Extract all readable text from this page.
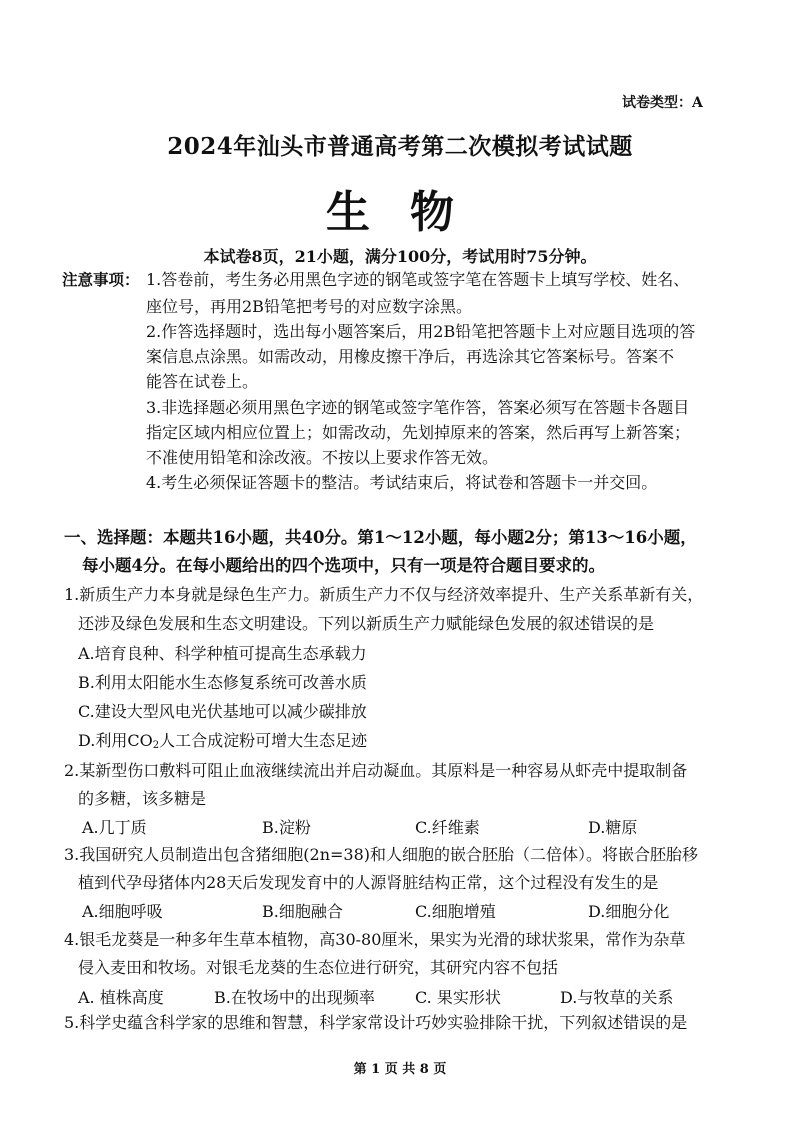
试卷类型：A
2024年汕头市普通高考第二次模拟考试试题
生物
本试卷8页，21小题，满分100分，考试用时75分钟。
注意事项： 1.答卷前，考生务必用黑色字迹的钢笔或签字笔在答题卡上填写学校、姓名、
座位号，再用2B铅笔把考号的对应数字涂黑。
2.作答选择题时，选出每小题答案后，用2B铅笔把答题卡上对应题目选项的答
案信息点涂黑。如需改动，用橡皮擦干净后，再选涂其它答案标号。答案不
能答在试卷上。
3.非选择题必须用黑色字迹的钢笔或签字笔作答，答案必须写在答题卡各题目
指定区域内相应位置上；如需改动，先划掉原来的答案，然后再写上新答案；
不准使用铅笔和涂改液。不按以上要求作答无效。
4.考生必须保证答题卡的整洁。考试结束后，将试卷和答题卡一并交回。
一、选择题：本题共16小题，共40分。第1～12小题，每小题2分；第13～16小题，
每小题4分。在每小题给出的四个选项中，只有一项是符合题目要求的。
1.新质生产力本身就是绿色生产力。新质生产力不仅与经济效率提升、生产关系革新有关，
还涉及绿色发展和生态文明建设。下列以新质生产力赋能绿色发展的叙述错误的是
A.培育良种、科学种植可提高生态承载力
B.利用太阳能水生态修复系统可改善水质
C.建设大型风电光伏基地可以减少碳排放
D.利用$CO_2$人工合成淀粉可增大生态足迹
2.某新型伤口敷料可阻止血液继续流出并启动凝血。其原料是一种容易从虾壳中提取制备
的多糖，该多糖是
A.几丁质	B.淀粉	C.纤维素	D.糖原
3.我国研究人员制造出包含猪细胞(2n=38)和人细胞的嵌合胚胎（二倍体）。将嵌合胚胎移
植到代孕母猪体内28天后发现发育中的人源肾脏结构正常，这个过程没有发生的是
A.细胞呼吸	B.细胞融合	C.细胞增殖	D.细胞分化
4.银毛龙葵是一种多年生草本植物，高30-80厘米，果实为光滑的球状浆果，常作为杂草
侵入麦田和牧场。对银毛龙葵的生态位进行研究，其研究内容不包括
A. 植株高度	B.在牧场中的出现频率	C. 果实形状	D.与牧草的关系
5.科学史蕴含科学家的思维和智慧，科学家常设计巧妙实验排除干扰，下列叙述错误的是
第 1 页 共 8 页
